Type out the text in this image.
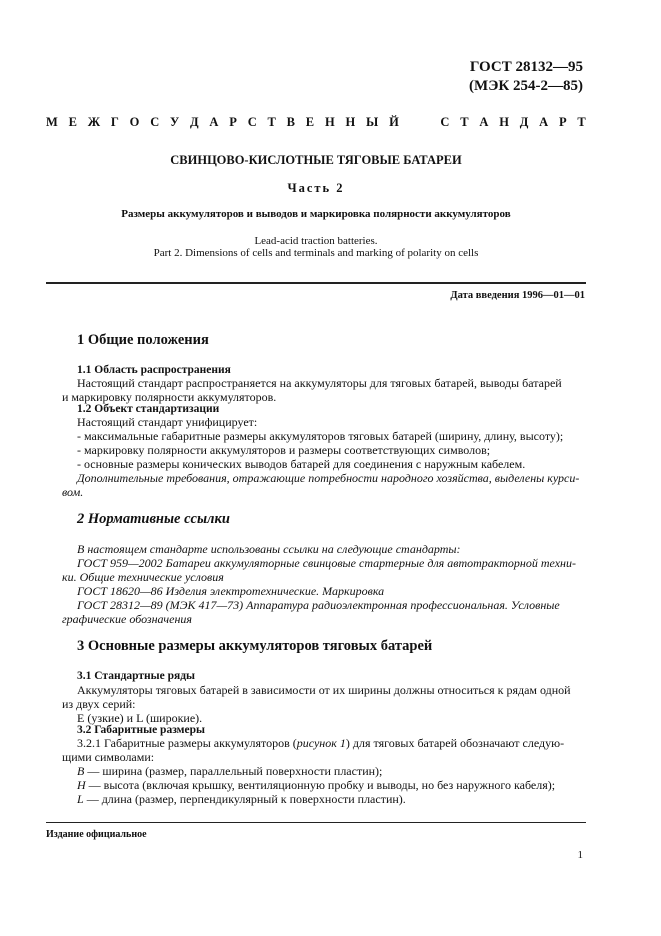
ГОСТ 28132—95
(МЭК 254-2—85)
М Е Ж Г О С У Д А Р С Т В Е Н Н Ы Й
	С Т А Н Д А Р Т
СВИНЦОВО-КИСЛОТНЫЕ ТЯГОВЫЕ БАТАРЕИ
Часть 2
Размеры аккумуляторов и выводов и маркировка полярности аккумуляторов
Lead-acid traction batteries.
Part 2. Dimensions of cells and terminals and marking of polarity on cells
Дата введения 1996—01—01
1 Общие положения
1.1 Область распространения
Настоящий стандарт распространяется на аккумуляторы для тяговых батарей, выводы батарей
и маркировку полярности аккумуляторов.
1.2 Объект стандартизации
Настоящий стандарт унифицирует:
- максимальные габаритные размеры аккумуляторов тяговых батарей (ширину, длину, высоту);
- маркировку полярности аккумуляторов и размеры соответствующих символов;
- основные размеры конических выводов батарей для соединения с наружным кабелем.
Дополнительные требования, отражающие потребности народного хозяйства, выделены курси-
вом.
2 Нормативные ссылки
В настоящем стандарте использованы ссылки на следующие стандарты:
ГОСТ 959—2002 Батареи аккумуляторные свинцовые стартерные для автотракторной техни-
ки. Общие технические условия
ГОСТ 18620—86 Изделия электротехнические. Маркировка
ГОСТ 28312—89 (МЭК 417—73) Аппаратура радиоэлектронная профессиональная. Условные
графические обозначения
3 Основные размеры аккумуляторов тяговых батарей
3.1 Стандартные ряды
Аккумуляторы тяговых батарей в зависимости от их ширины должны относиться к рядам одной
из двух серий:
E (узкие) и L (широкие).
3.2 Габаритные размеры
3.2.1 Габаритные размеры аккумуляторов (рисунок 1) для тяговых батарей обозначают следую-
щими символами:
B — ширина (размер, параллельный поверхности пластин);
H — высота (включая крышку, вентиляционную пробку и выводы, но без наружного кабеля);
L — длина (размер, перпендикулярный к поверхности пластин).
Издание официальное
1
